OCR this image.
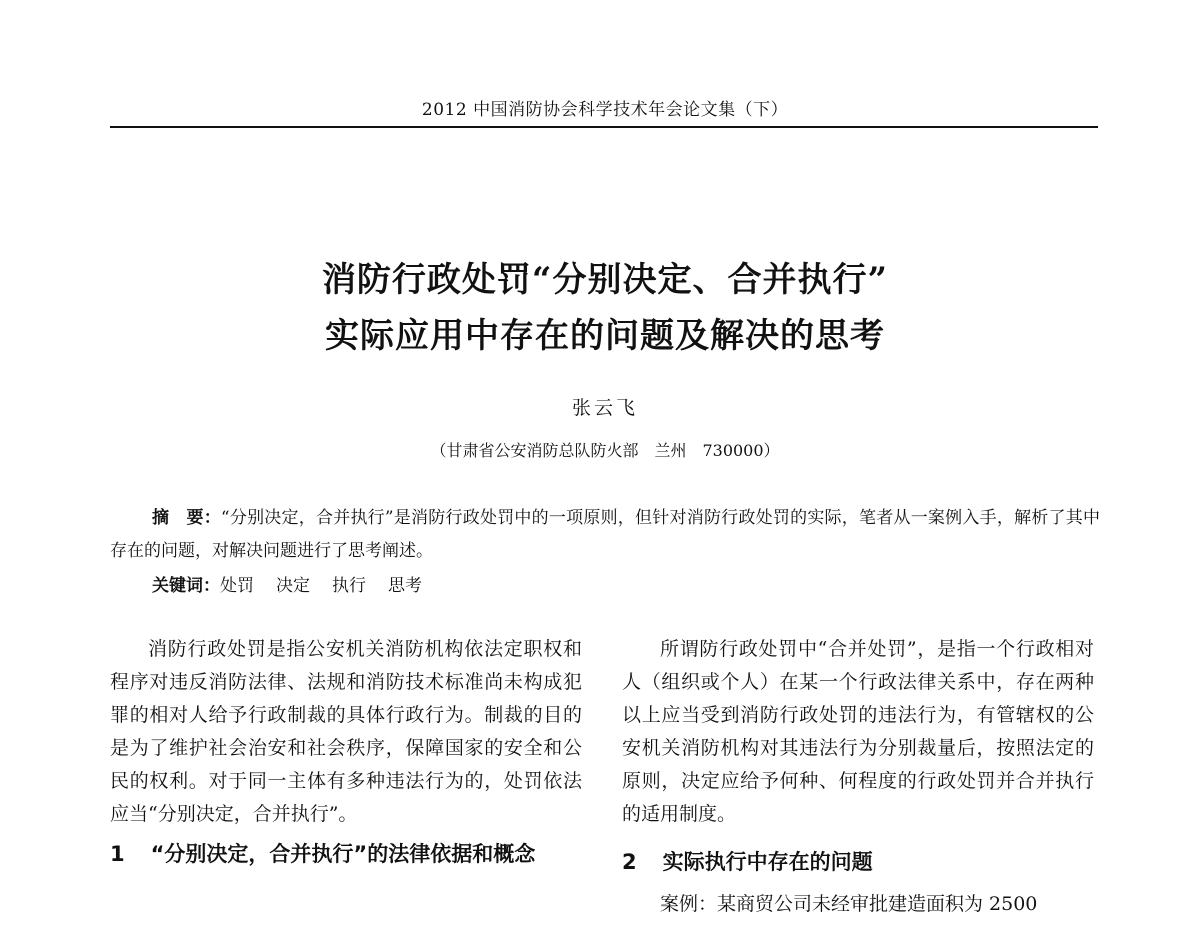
2012 中国消防协会科学技术年会论文集（下）
消防行政处罚“分别决定、合并执行”
实际应用中存在的问题及解决的思考
张云飞
（甘肃省公安消防总队防火部　兰州　730000）
摘　要：“分别决定，合并执行”是消防行政处罚中的一项原则，但针对消防行政处罚的实际，笔者从一案例入手，解析了其中存在的问题，对解决问题进行了思考阐述。
关键词：处罚 决定 执行 思考

消防行政处罚是指公安机关消防机构依法定职权和程序对违反消防法律、法规和消防技术标准尚未构成犯罪的相对人给予行政制裁的具体行政行为。制裁的目的是为了维护社会治安和社会秩序，保障国家的安全和公民的权利。对于同一主体有多种违法行为的，处罚依法应当“分别决定，合并执行”。

1 “分别决定，合并执行”的法律依据和概念

所谓防行政处罚中“合并处罚”，是指一个行政相对人（组织或个人）在某一个行政法律关系中，存在两种以上应当受到消防行政处罚的违法行为，有管辖权的公安机关消防机构对其违法行为分别裁量后，按照法定的原则，决定应给予何种、何程度的行政处罚并合并执行的适用制度。

2 实际执行中存在的问题

案例：某商贸公司未经审批建造面积为 2500
